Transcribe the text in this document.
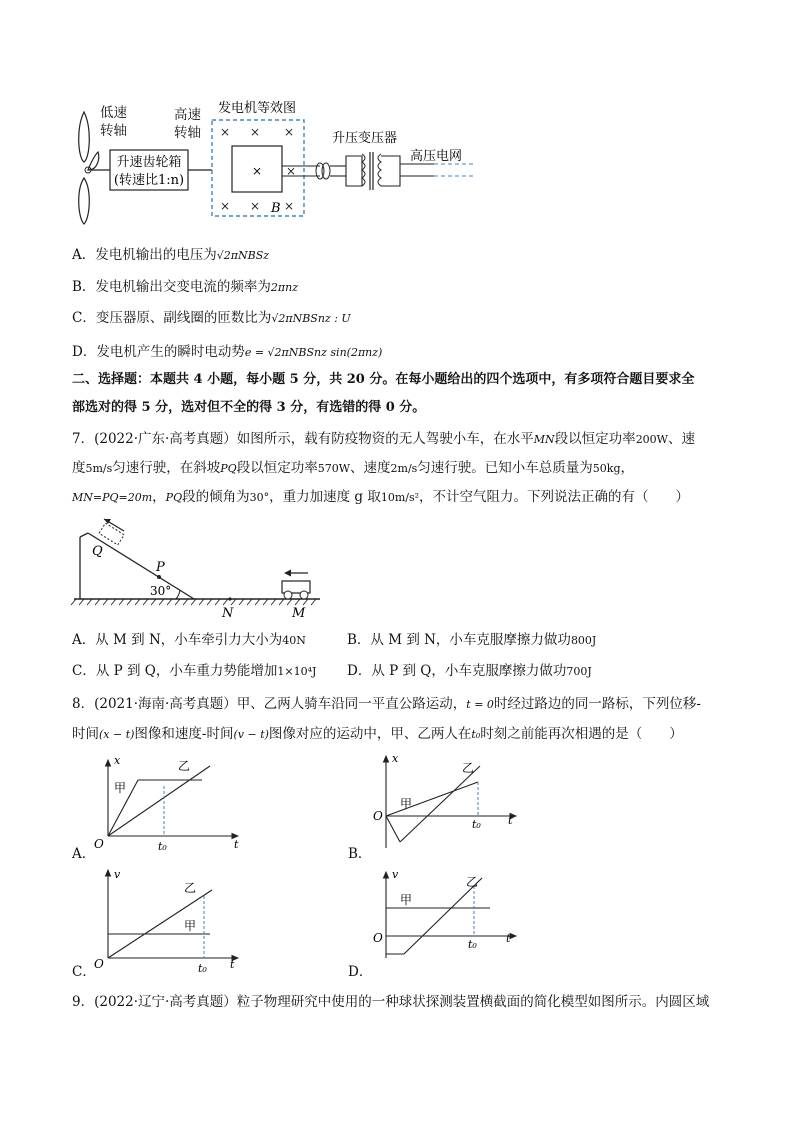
升速齿轮箱
(转速比1:n)
发电机等效图
× × ×
× × ×
×
B
×
升压变压器
高压电网
低速
转轴
高速
转轴
A．发电机输出的电压为√2πNBSz
B．发电机输出交变电流的频率为2πnz
C．变压器原、副线圈的匝数比为√2πNBSnz : U
D．发电机产生的瞬时电动势e = √2πNBSnz sin(2πnz)
二、选择题：本题共 4 小题，每小题 5 分，共 20 分。在每小题给出的四个选项中，有多项符合题目要求全
部选对的得 5 分，选对但不全的得 3 分，有选错的得 0 分。
7．(2022·广东·高考真题）如图所示，载有防疫物资的无人驾驶小车，在水平MN段以恒定功率200W、速
度5m/s匀速行驶，在斜坡PQ段以恒定功率570W、速度2m/s匀速行驶。已知小车总质量为50kg，
MN=PQ=20m，PQ段的倾角为30°，重力加速度 g 取10m/s²，不计空气阻力。下列说法正确的有（　　）
30°
P
Q
N	M
A．从 M 到 N，小车牵引力大小为40N	B．从 M 到 N，小车克服摩擦力做功800J
C．从 P 到 Q，小车重力势能增加1×10⁴J D．从 P 到 Q，小车克服摩擦力做功700J
8．(2021·海南·高考真题）甲、乙两人骑车沿同一平直公路运动，t = 0时经过路边的同一路标，下列位移-
时间(x − t)图像和速度-时间(v − t)图像对应的运动中，甲、乙两人在t₀时刻之前能再次相遇的是（　　）
x
t
O	t₀
甲
乙
A．
x
t
O
t₀
甲
乙
B．
v
t
O	t₀
甲
乙
C．
v
t
O	t₀
甲
乙
D．
9．(2022·辽宁·高考真题）粒子物理研究中使用的一种球状探测装置横截面的简化模型如图所示。内圆区域
